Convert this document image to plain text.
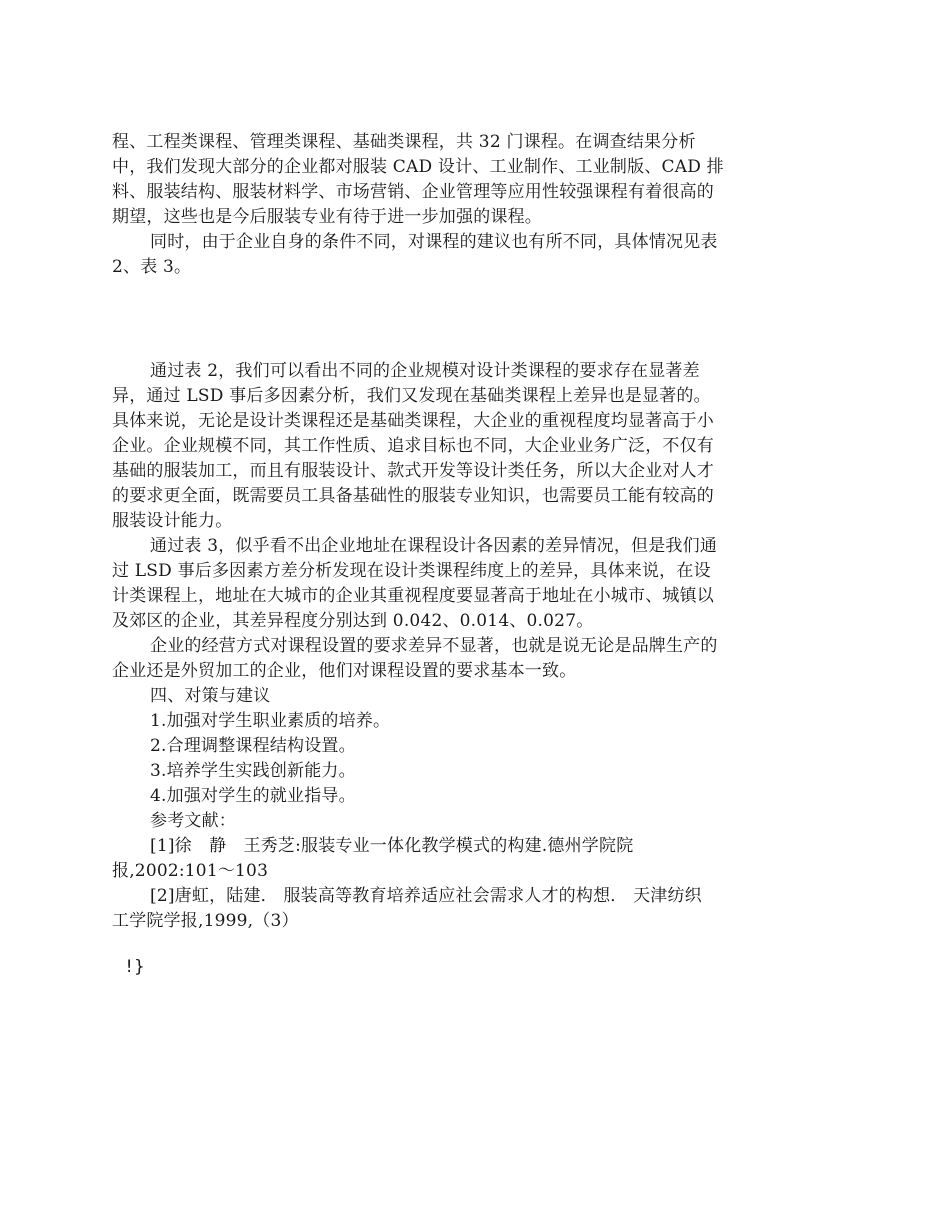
程、工程类课程、管理类课程、基础类课程，共 32 门课程。在调查结果分析

中，我们发现大部分的企业都对服装 CAD 设计、工业制作、工业制版、CAD 排

料、服装结构、服装材料学、市场营销、企业管理等应用性较强课程有着很高的

期望，这些也是今后服装专业有待于进一步加强的课程。

同时，由于企业自身的条件不同，对课程的建议也有所不同，具体情况见表

2、表 3。

通过表 2，我们可以看出不同的企业规模对设计类课程的要求存在显著差

异，通过 LSD 事后多因素分析，我们又发现在基础类课程上差异也是显著的。

具体来说，无论是设计类课程还是基础类课程，大企业的重视程度均显著高于小

企业。企业规模不同，其工作性质、追求目标也不同，大企业业务广泛，不仅有

基础的服装加工，而且有服装设计、款式开发等设计类任务，所以大企业对人才

的要求更全面，既需要员工具备基础性的服装专业知识，也需要员工能有较高的

服装设计能力。

通过表 3，似乎看不出企业地址在课程设计各因素的差异情况，但是我们通

过 LSD 事后多因素方差分析发现在设计类课程纬度上的差异，具体来说，在设

计类课程上，地址在大城市的企业其重视程度要显著高于地址在小城市、城镇以

及郊区的企业，其差异程度分别达到 0.042、0.014、0.027。

企业的经营方式对课程设置的要求差异不显著，也就是说无论是品牌生产的

企业还是外贸加工的企业，他们对课程设置的要求基本一致。

四、对策与建议

1.加强对学生职业素质的培养。

2.合理调整课程结构设置。

3.培养学生实践创新能力。

4.加强对学生的就业指导。

参考文献：

[1]徐　静　王秀芝:服装专业一体化教学模式的构建.德州学院院

报,2002:101～103

[2]唐虹，陆建． 服装高等教育培养适应社会需求人才的构想． 天津纺织

工学院学报,1999,（3）

!}
